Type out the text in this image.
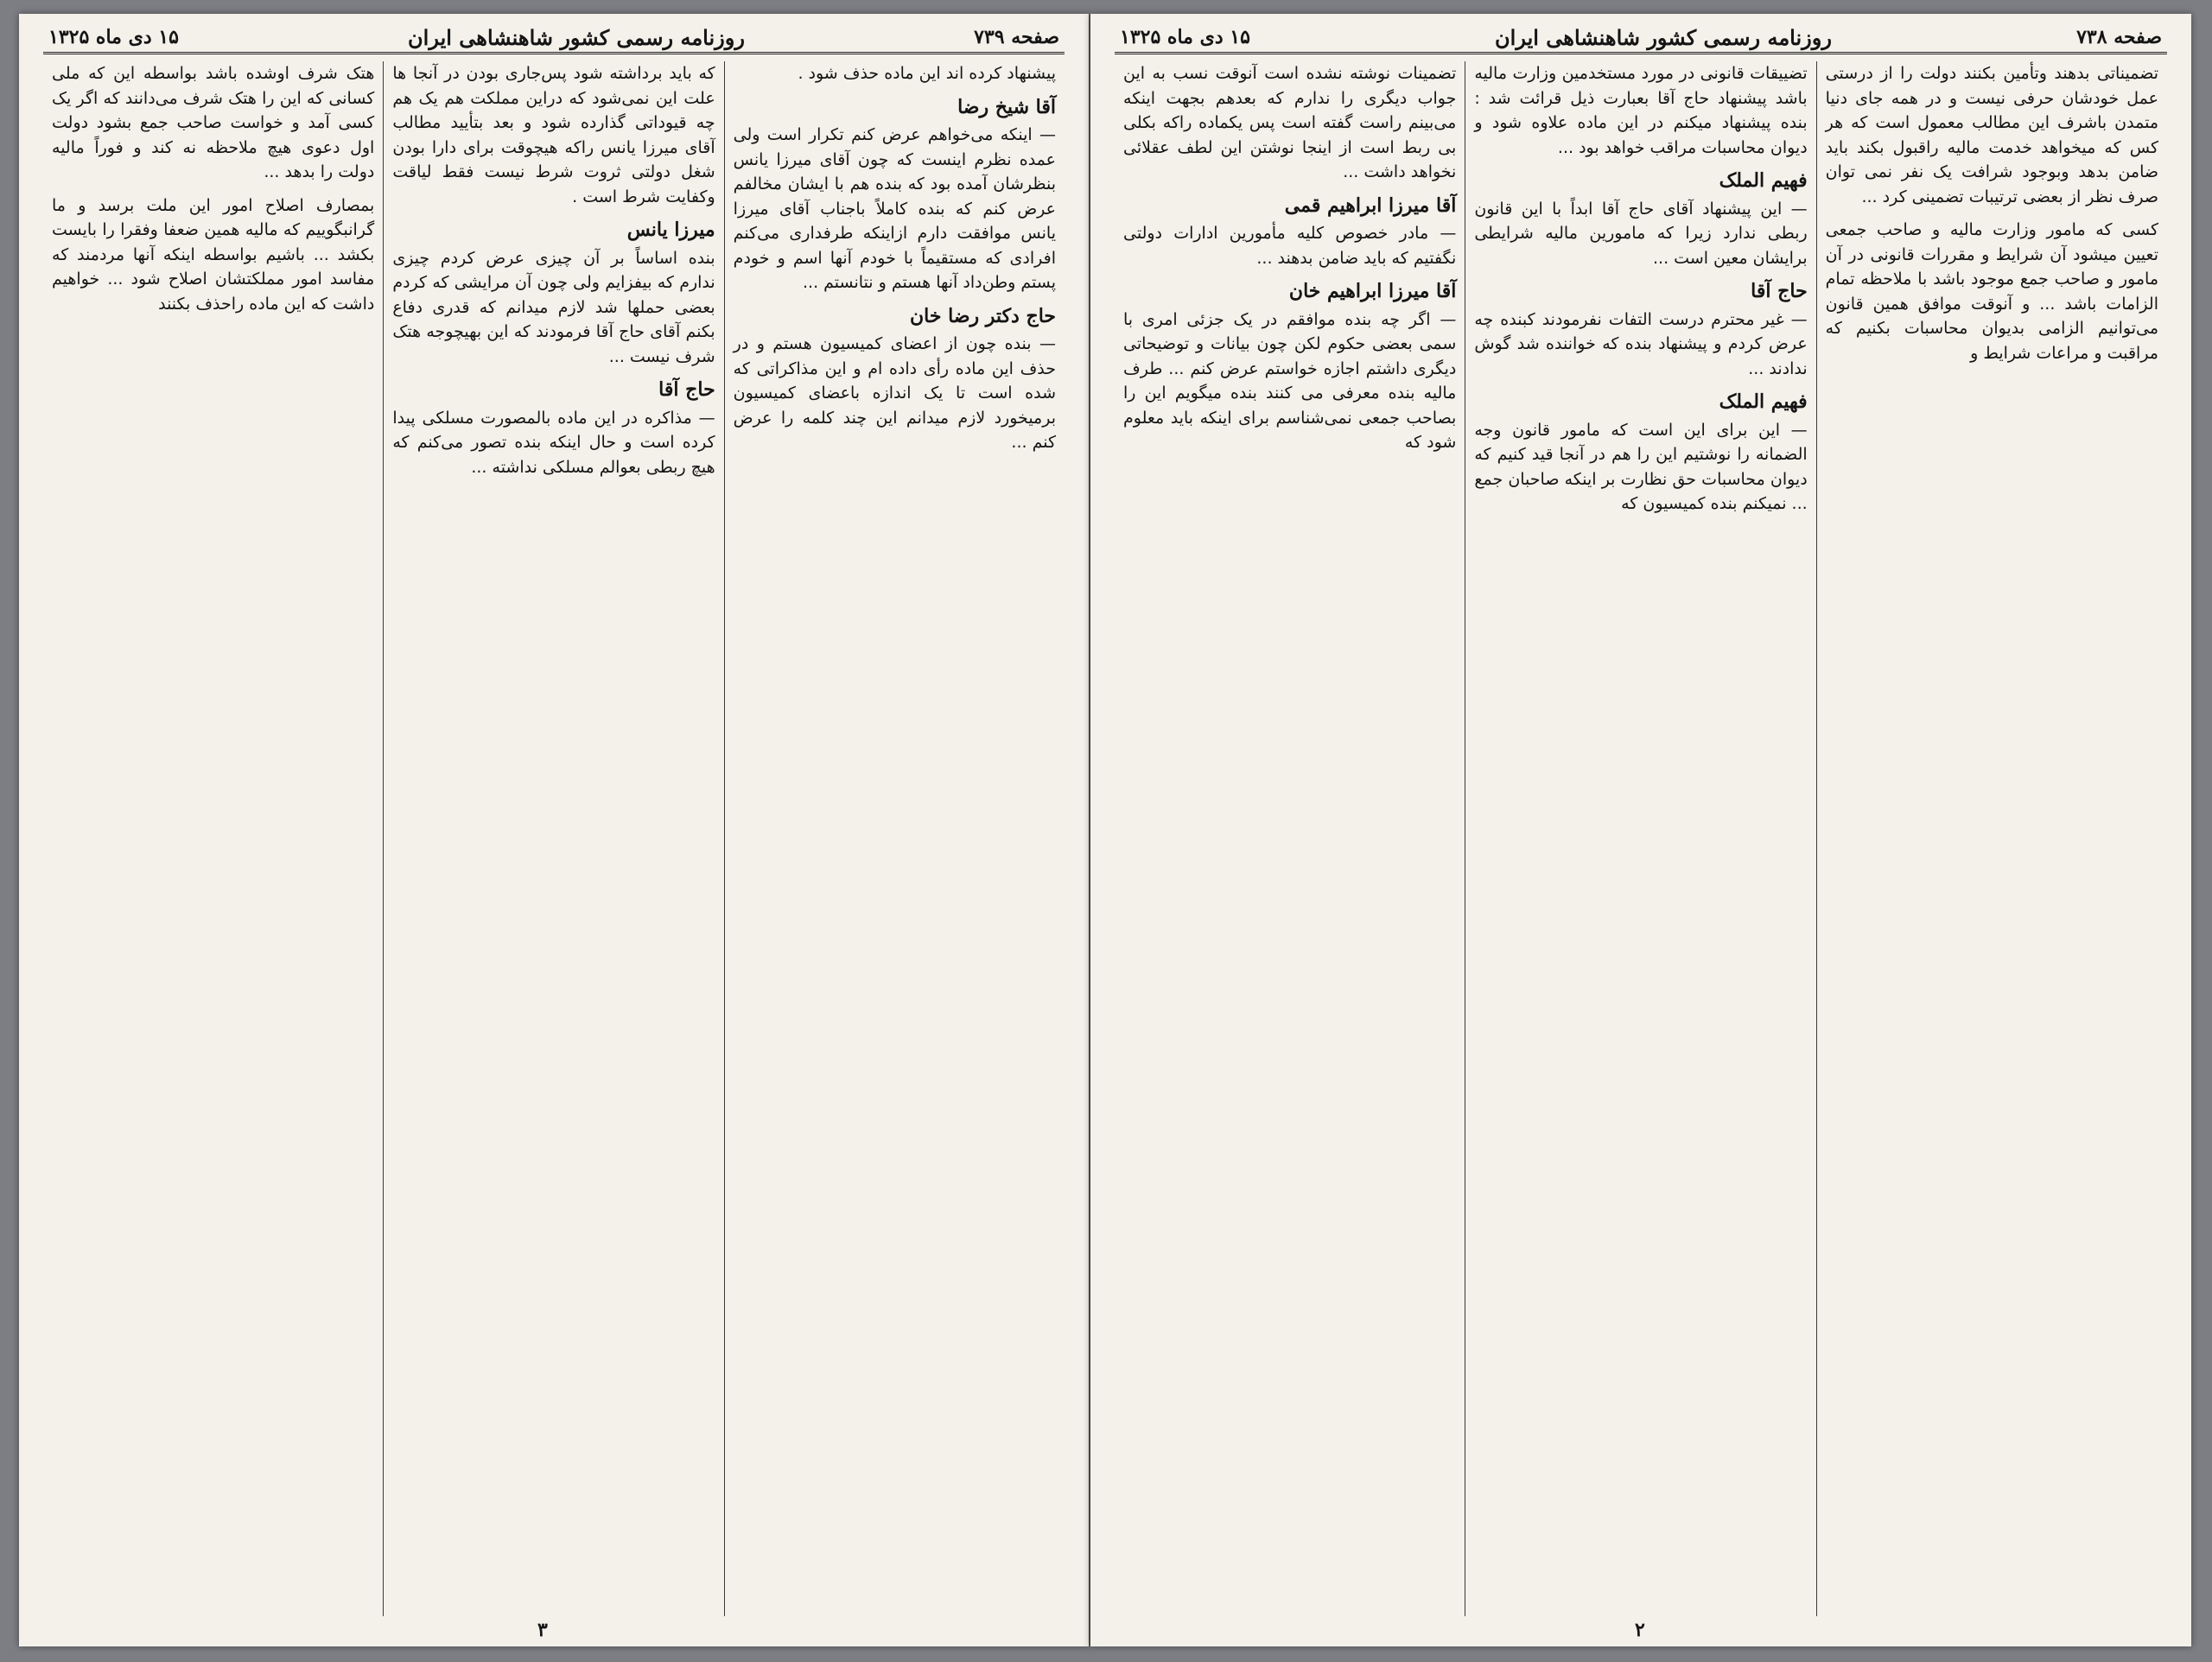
صفحه ۷۳۹
روزنامه رسمی کشور شاهنشاهی ایران
۱۵ دی ماه ۱۳۲۵

پیشنهاد کرده اند این ماده حذف شود .

آقا شیخ رضا

— اینکه می‌خواهم عرض کنم تکرار است ولی عمده نظرم اینست که چون آقای میرزا یانس بنظرشان آمده بود که بنده هم با ایشان مخالفم عرض کنم که بنده کاملاً باجناب آقای میرزا یانس موافقت دارم ازاینکه طرفداری می‌کنم افرادی که مستقیماً با خودم آنها اسم و خودم پستم وطن‌داد آنها هستم و نتانستم ...

حاج دکتر رضا خان

— بنده چون از اعضای کمیسیون هستم و در حذف این ماده رأی داده ام و این مذاکراتی که شده است تا یک اندازه باعضای کمیسیون برمیخورد لازم میدانم این چند کلمه را عرض کنم ...

که باید برداشته شود پس‌جاری بودن در آنجا ها علت این نمی‌شود که دراین مملکت هم یک هم چه قیوداتی گذارده شود و بعد بتأیید مطالب آقای میرزا یانس راکه هیچوقت برای دارا بودن شغل دولتی ثروت شرط نیست فقط لیاقت وکفایت شرط است .

میرزا یانس

بنده اساساً بر آن چیزی عرض کردم چیزی ندارم که بیفزایم ولی چون آن مرایشی که کردم بعضی حملها شد لازم میدانم که قدری دفاع بکنم آقای حاج آقا فرمودند که این بهیچوجه هتک شرف نیست ...

حاج آقا

— مذاکره در این ماده بالمصورت مسلکی پیدا کرده است و حال اینکه بنده تصور می‌کنم که هیچ ربطی بعوالم مسلکی نداشته ...

هتک شرف اوشده باشد بواسطه این که ملی کسانی که این را هتک شرف می‌دانند که اگر یک کسی آمد و خواست صاحب جمع بشود دولت اول دعوی هیچ ملاحظه نه کند و فوراً مالیه دولت را بدهد ...

بمصارف اصلاح امور این ملت برسد و ما گرانبگوییم که مالیه همین ضعفا وفقرا را بایست بکشد ... باشیم بواسطه اینکه آنها مردمند که مفاسد امور مملکتشان اصلاح شود ... خواهیم داشت که این ماده راحذف بکنند

۳
صفحه ۷۳۸
روزنامه رسمی کشور شاهنشاهی ایران
۱۵ دی ماه ۱۳۲۵

تضمیناتی بدهند وتأمین بکنند دولت را از درستی عمل خودشان حرفی نیست و در همه جای دنیا متمدن باشرف این مطالب معمول است که هر کس که میخواهد خدمت مالیه راقبول بکند باید ضامن بدهد وبوجود شرافت یک نفر نمی توان صرف نظر از بعضی ترتیبات تضمینی کرد ...

کسی که مامور وزارت مالیه و صاحب جمعی تعیین میشود آن شرایط و مقررات قانونی در آن مامور و صاحب جمع موجود باشد با ملاحظه تمام الزامات باشد ... و آنوقت موافق همین قانون می‌توانیم الزامی بدیوان محاسبات بکنیم که مراقبت و مراعات شرایط و

تضییقات قانونی در مورد مستخدمین وزارت مالیه باشد پیشنهاد حاج آقا بعبارت ذیل قرائت شد : بنده پیشنهاد میکنم در این ماده علاوه شود و دیوان محاسبات مراقب خواهد بود ...

فهیم الملک

— این پیشنهاد آقای حاج آقا ابداً با این قانون ربطی ندارد زیرا که مامورین مالیه شرایطی برایشان معین است ...

حاج آقا

— غیر محترم درست التفات نفرمودند کبنده چه عرض کردم و پیشنهاد بنده که خواننده شد گوش ندادند ...

فهیم الملک

— این برای این است که مامور قانون وجه الضمانه را نوشتیم این را هم در آنجا قید کنیم که دیوان محاسبات حق نظارت بر اینکه صاحبان جمع ... نمیکنم بنده کمیسیون که

تضمینات نوشته نشده است آنوقت نسب به این جواب دیگری را ندارم که بعدهم بجهت اینکه می‌بینم راست گفته است پس یکماده راکه بکلی بی ربط است از اینجا نوشتن این لطف عقلائی نخواهد داشت ...

آقا میرزا ابراهیم قمی

— مادر خصوص کلیه مأمورین ادارات دولتی نگفتیم که باید ضامن بدهند ...

آقا میرزا ابراهیم خان

— اگر چه بنده موافقم در یک جزئی امری با سمی بعضی حکوم لکن چون بیانات و توضیحاتی دیگری داشتم اجازه خواستم عرض کنم ... طرف مالیه بنده معرفی می کنند بنده میگویم این را بصاحب جمعی نمی‌شناسم برای اینکه باید معلوم شود که

۲
